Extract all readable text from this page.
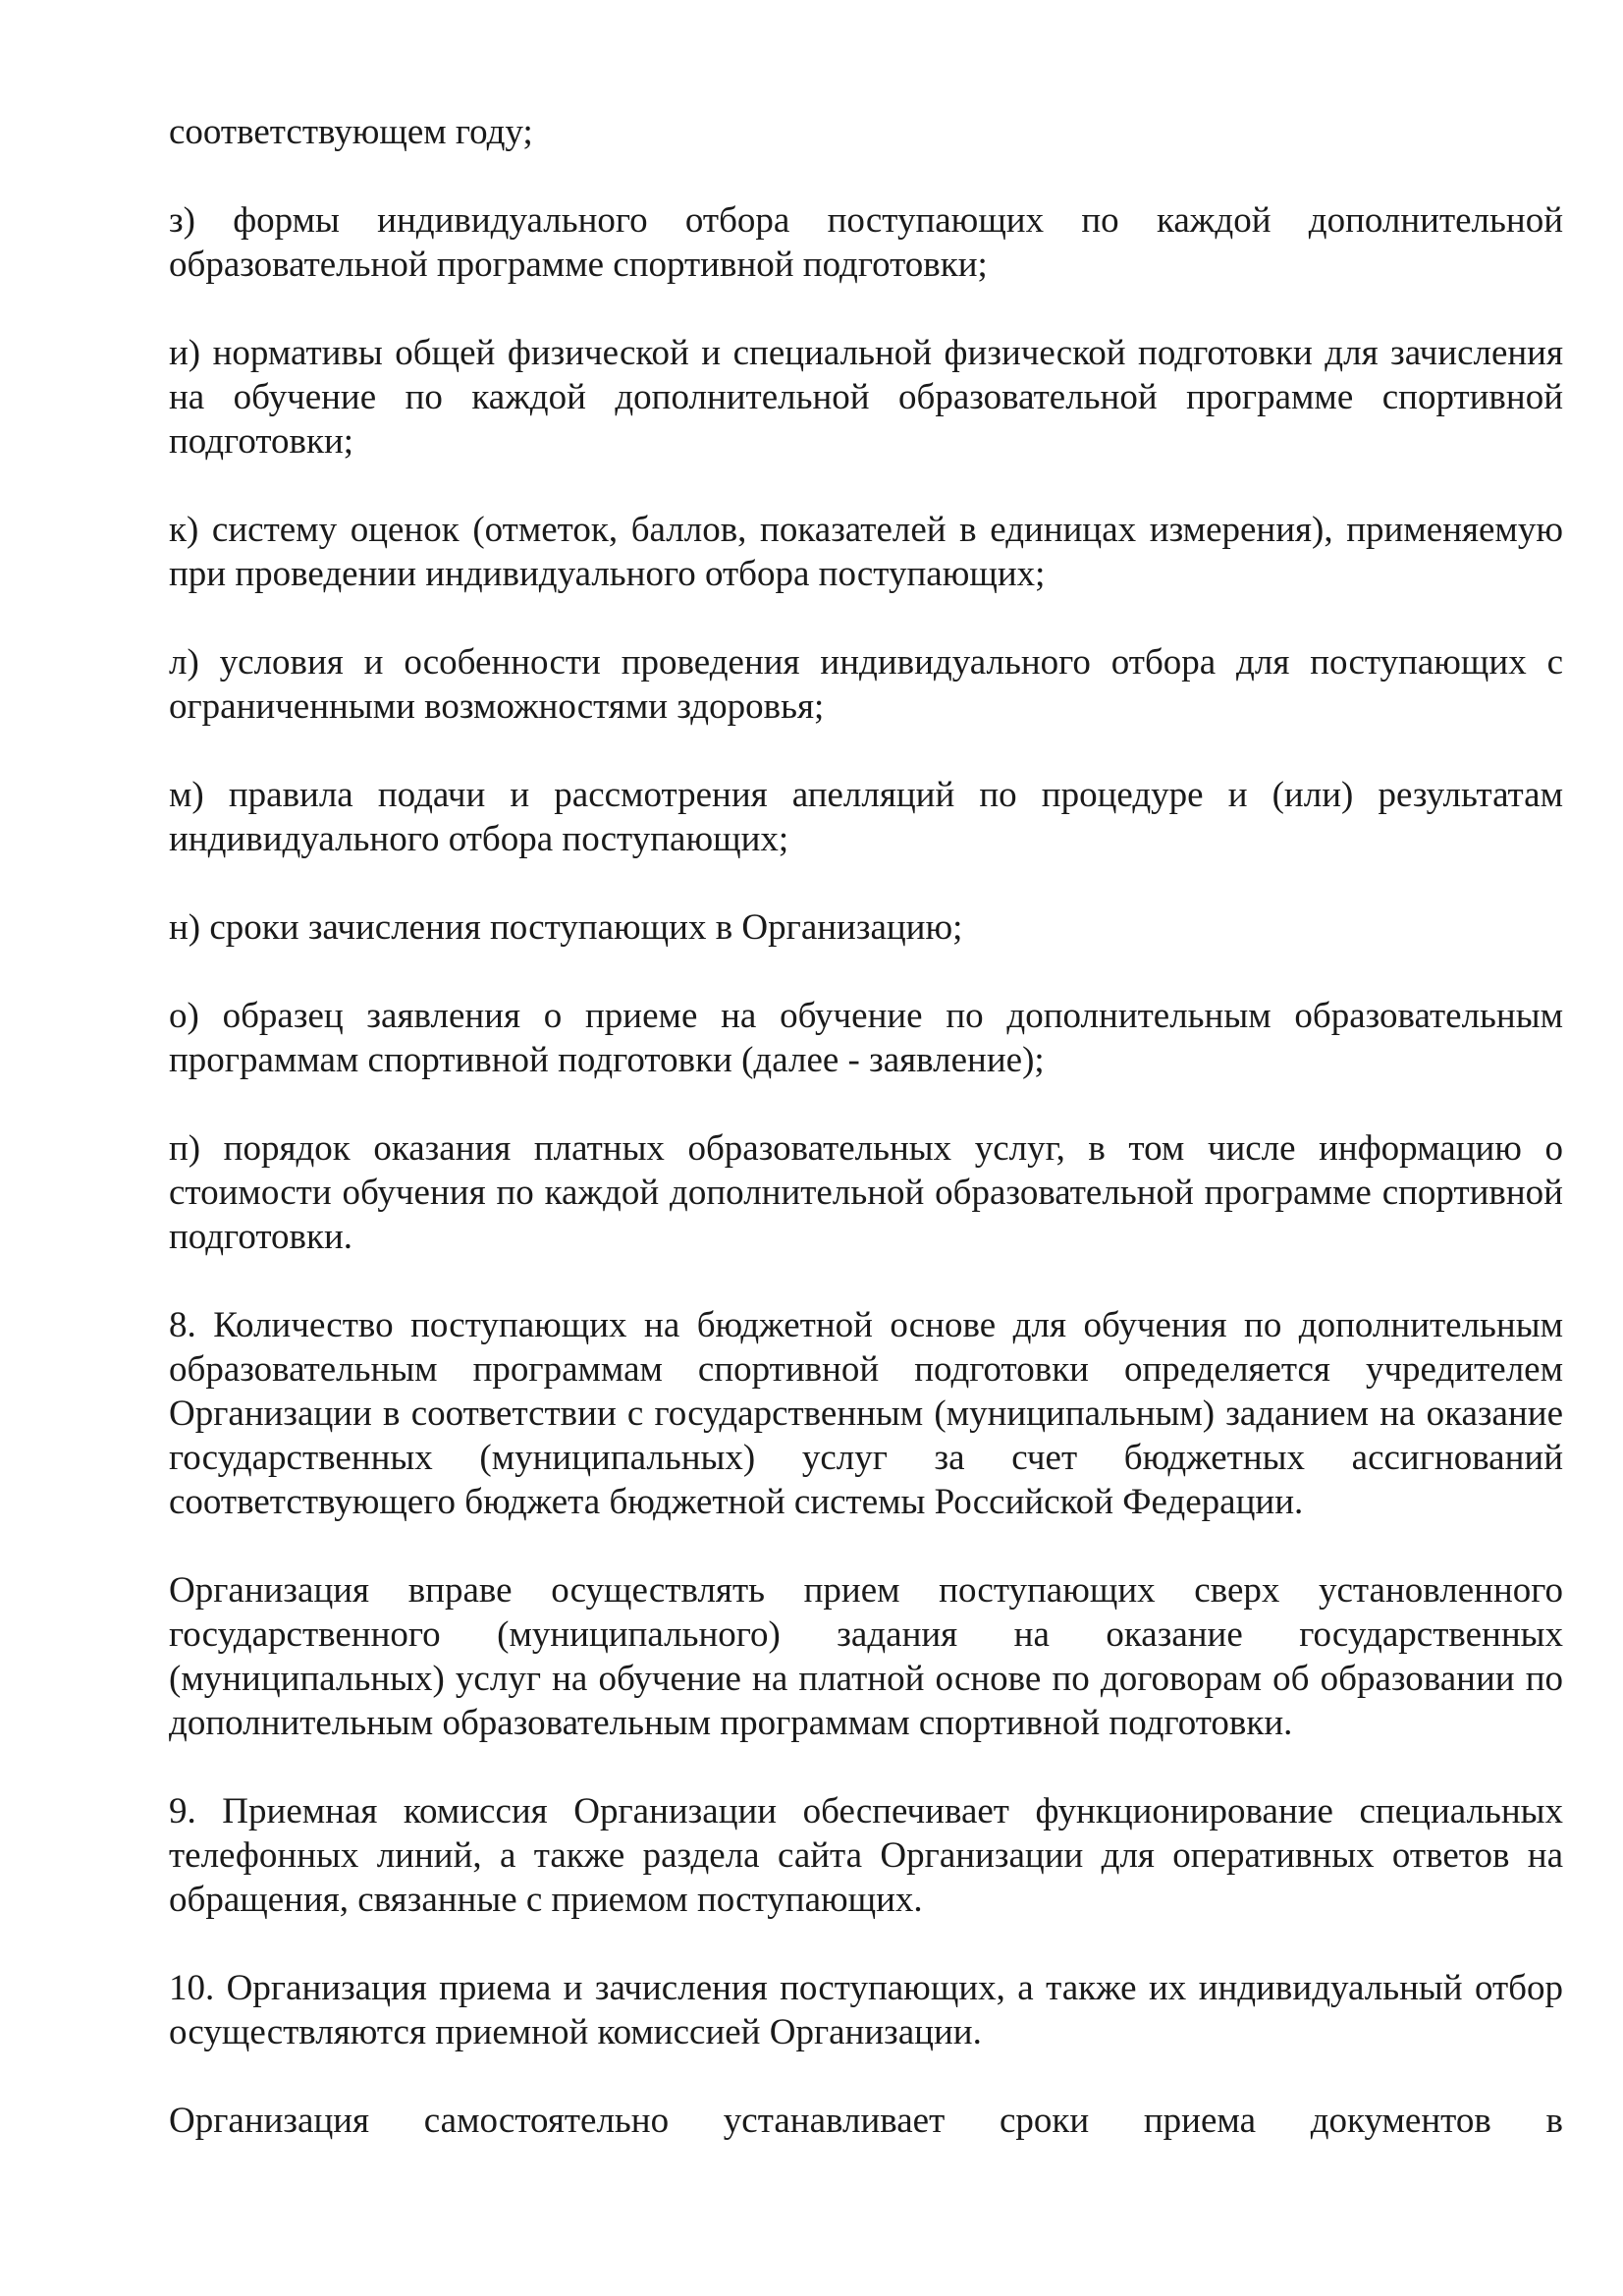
соответствующем году;

з) формы индивидуального отбора поступающих по каждой дополнительной образовательной программе спортивной подготовки;

и) нормативы общей физической и специальной физической подготовки для зачисления на обучение по каждой дополнительной образовательной программе спортивной подготовки;

к) систему оценок (отметок, баллов, показателей в единицах измерения), применяемую при проведении индивидуального отбора поступающих;

л) условия и особенности проведения индивидуального отбора для поступающих с ограниченными возможностями здоровья;

м) правила подачи и рассмотрения апелляций по процедуре и (или) результатам индивидуального отбора поступающих;

н) сроки зачисления поступающих в Организацию;

о) образец заявления о приеме на обучение по дополнительным образовательным программам спортивной подготовки (далее - заявление);

п) порядок оказания платных образовательных услуг, в том числе информацию о стоимости обучения по каждой дополнительной образовательной программе спортивной подготовки.

8. Количество поступающих на бюджетной основе для обучения по дополнительным образовательным программам спортивной подготовки определяется учредителем Организации в соответствии с государственным (муниципальным) заданием на оказание государственных (муниципальных) услуг за счет бюджетных ассигнований соответствующего бюджета бюджетной системы Российской Федерации.

Организация вправе осуществлять прием поступающих сверх установленного государственного (муниципального) задания на оказание государственных (муниципальных) услуг на обучение на платной основе по договорам об образовании по дополнительным образовательным программам спортивной подготовки.

9. Приемная комиссия Организации обеспечивает функционирование специальных телефонных линий, а также раздела сайта Организации для оперативных ответов на обращения, связанные с приемом поступающих.

10. Организация приема и зачисления поступающих, а также их индивидуальный отбор осуществляются приемной комиссией Организации.

Организация самостоятельно устанавливает сроки приема документов в
